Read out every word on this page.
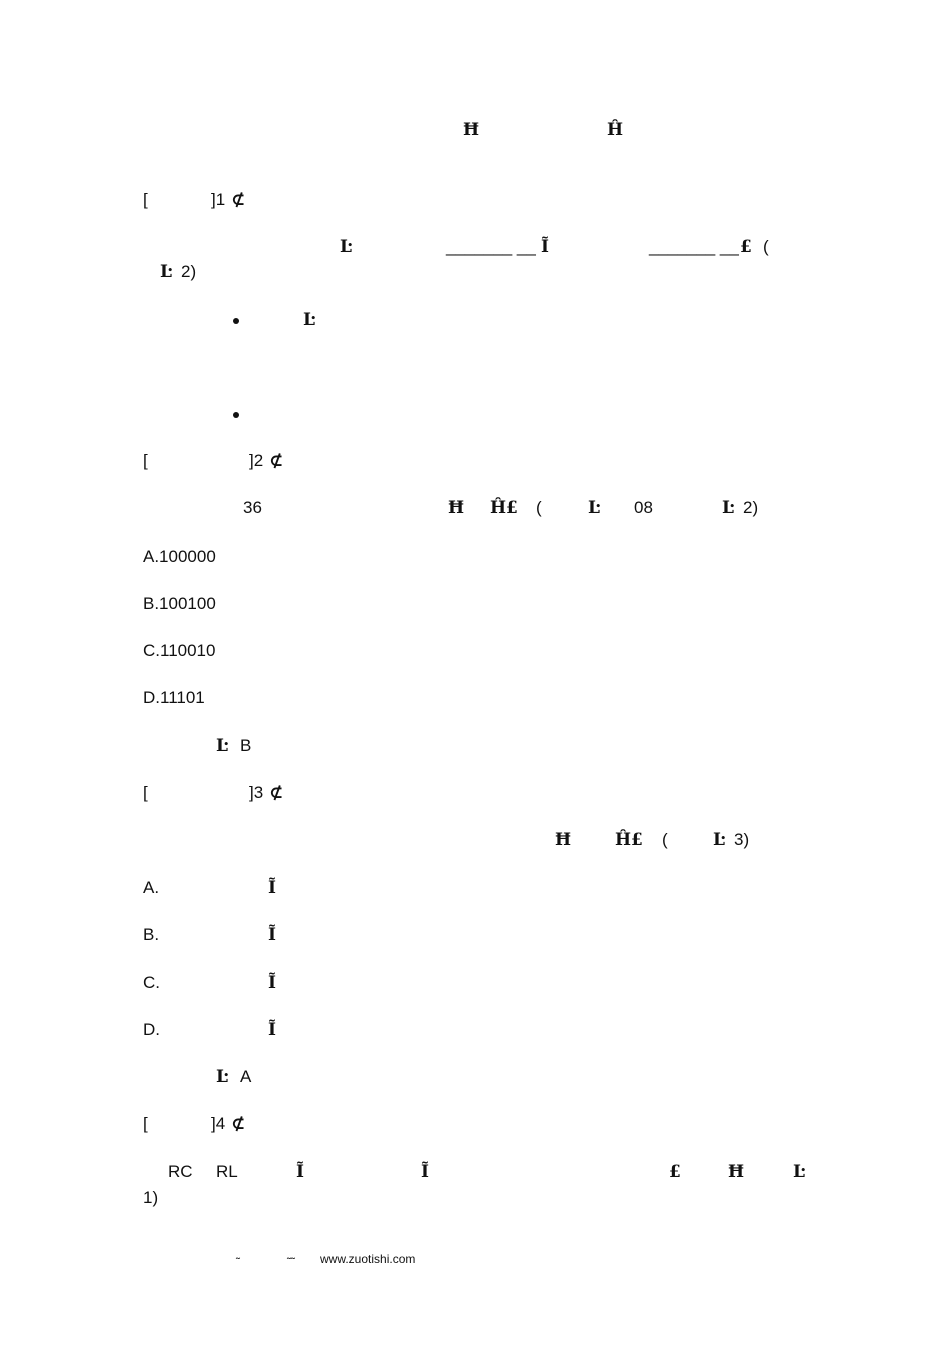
Ħ	Ĥ
[	]1 ⊄
Ŀ	_______ __ Ĩ	_______ __ £ (
Ŀ 2)
Ŀ
[	]2 ⊄
36	Ħ Ĥ£ (	Ŀ 08	Ŀ 2)
A.100000
B.100100
C.110010
D.11101
Ŀ B
[	]3 ⊄
Ħ	Ĥ£ (	Ŀ 3)
A.	Ĩ
B.	Ĩ
C.	Ĩ
D.	Ĩ
Ŀ A
[	]4 ⊄
RC RL	Ĩ	Ĩ	£	Ħ	Ŀ
1)
˜	˜˜ www.zuotishi.com
